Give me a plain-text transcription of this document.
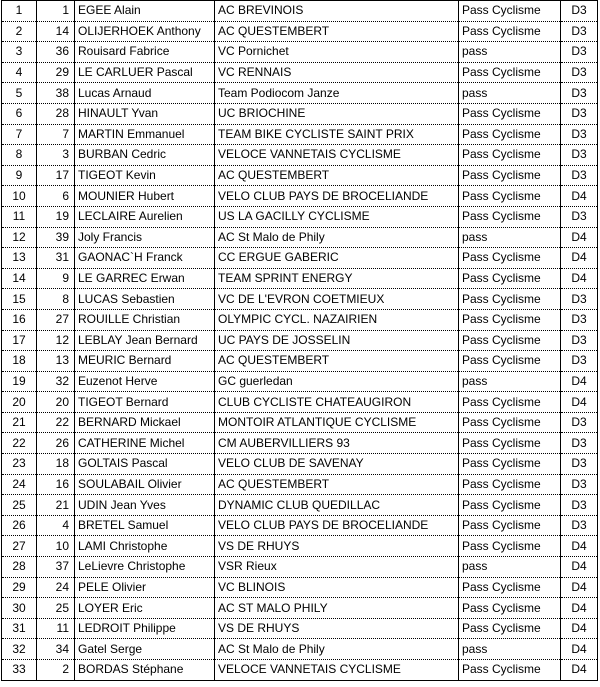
1	1	EGEE Alain	AC BREVINOIS	Pass Cyclisme	D3
2	14	OLIJERHOEK Anthony	AC QUESTEMBERT	Pass Cyclisme	D3
3	36	Rouisard Fabrice	VC Pornichet	pass	D3
4	29	LE CARLUER Pascal	VC RENNAIS	Pass Cyclisme	D3
5	38	Lucas Arnaud	Team Podiocom Janze	pass	D3
6	28	HINAULT Yvan	UC BRIOCHINE	Pass Cyclisme	D3
7	7	MARTIN Emmanuel	TEAM BIKE CYCLISTE SAINT PRIX	Pass Cyclisme	D3
8	3	BURBAN Cedric	VELOCE VANNETAIS CYCLISME	Pass Cyclisme	D3
9	17	TIGEOT Kevin	AC QUESTEMBERT	Pass Cyclisme	D3
10	6	MOUNIER Hubert	VELO CLUB PAYS DE BROCELIANDE	Pass Cyclisme	D4
11	19	LECLAIRE Aurelien	US LA GACILLY CYCLISME	Pass Cyclisme	D3
12	39	Joly Francis	AC St Malo de Phily	pass	D4
13	31	GAONAC`H Franck	CC ERGUE GABERIC	Pass Cyclisme	D4
14	9	LE GARREC Erwan	TEAM SPRINT ENERGY	Pass Cyclisme	D4
15	8	LUCAS Sebastien	VC DE L'EVRON COETMIEUX	Pass Cyclisme	D3
16	27	ROUILLE Christian	OLYMPIC CYCL. NAZAIRIEN	Pass Cyclisme	D3
17	12	LEBLAY Jean Bernard	UC PAYS DE JOSSELIN	Pass Cyclisme	D3
18	13	MEURIC Bernard	AC QUESTEMBERT	Pass Cyclisme	D3
19	32	Euzenot Herve	GC guerledan	pass	D4
20	20	TIGEOT Bernard	CLUB CYCLISTE CHATEAUGIRON	Pass Cyclisme	D4
21	22	BERNARD Mickael	MONTOIR ATLANTIQUE CYCLISME	Pass Cyclisme	D3
22	26	CATHERINE Michel	CM AUBERVILLIERS 93	Pass Cyclisme	D3
23	18	GOLTAIS Pascal	VELO CLUB DE SAVENAY	Pass Cyclisme	D3
24	16	SOULABAIL Olivier	AC QUESTEMBERT	Pass Cyclisme	D3
25	21	UDIN Jean Yves	DYNAMIC CLUB QUEDILLAC	Pass Cyclisme	D3
26	4	BRETEL Samuel	VELO CLUB PAYS DE BROCELIANDE	Pass Cyclisme	D3
27	10	LAMI Christophe	VS DE RHUYS	Pass Cyclisme	D4
28	37	LeLievre Christophe	VSR Rieux	pass	D4
29	24	PELE Olivier	VC BLINOIS	Pass Cyclisme	D4
30	25	LOYER Eric	AC ST MALO PHILY	Pass Cyclisme	D4
31	11	LEDROIT Philippe	VS DE RHUYS	Pass Cyclisme	D4
32	34	Gatel Serge	AC St Malo de Phily	pass	D4
33	2	BORDAS Stéphane	VELOCE VANNETAIS CYCLISME	Pass Cyclisme	D4
